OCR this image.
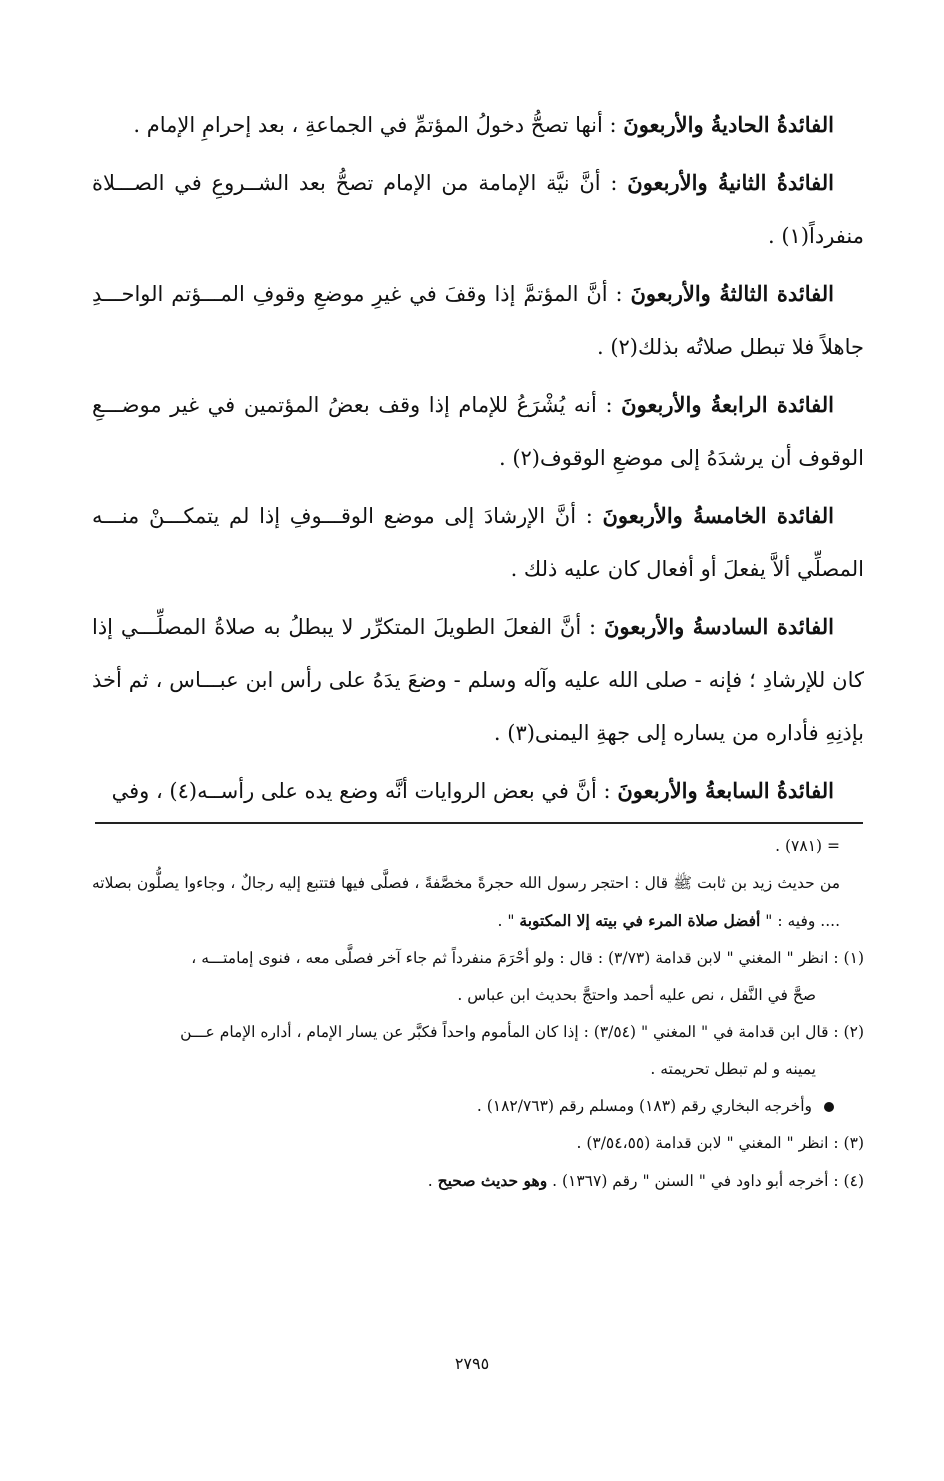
الفائدةُ الحاديةُ والأربعونَ : أنها تصحُّ دخولُ المؤتمِّ في الجماعةِ ، بعد إحرامِ الإمام .

الفائدةُ الثانيةُ والأربعونَ : أنَّ نيَّة الإمامة من الإمام تصحُّ بعد الشــروعِ في الصـــلاة منفرداً(١) .

الفائدة الثالثةُ والأربعونَ : أنَّ المؤتمَّ إذا وقفَ في غيرِ موضعِ وقوفِ المـــؤتم الواحـــدِ جاهلاً فلا تبطل صلاتُه بذلك(٢) .

الفائدة الرابعةُ والأربعونَ : أنه يُشْرَعُ للإمام إذا وقف بعضُ المؤتمين في غير موضـــعِ الوقوف أن يرشدَهُ إلى موضعِ الوقوف(٢) .

الفائدة الخامسةُ والأربعونَ : أنَّ الإرشادَ إلى موضع الوقـــوفِ إذا لم يتمكـــنْ منـــه المصلِّي ألاَّ يفعلَ أو أفعال كان عليه ذلك .

الفائدة السادسةُ والأربعونَ : أنَّ الفعلَ الطويلَ المتكرِّر لا يبطلُ به صلاةُ المصلِّـــي إذا كان للإرشادِ ؛ فإنه - صلى الله عليه وآله وسلم - وضعَ يدَهُ على رأس ابن عبـــاس ، ثم أخذ بإذنِهِ فأداره من يساره إلى جهةِ اليمنى(٣) .

الفائدةُ السابعةُ والأربعونَ : أنَّ في بعض الروايات أنَّه وضع يده على رأســه(٤) ، وفي

= (٧٨١) .

من حديث زيد بن ثابت ﷺ قال : احتجر رسول الله حجرةً مخصَّفةً ، فصلَّى فيها فتتبع إليه رجالٌ ، وجاءوا يصلُّون بصلاته .... وفيه : " أفضل صلاة المرء في بيته إلا المكتوبة " .

(١) : انظر " المغني " لابن قدامة (٣/٧٣) : قال : ولو أحْرَمَ منفرداً ثم جاء آخر فصلَّى معه ، فنوى إمامتـــه ،

صحَّ في النَّفل ، نص عليه أحمد واحتجَّ بحديث ابن عباس .

(٢) : قال ابن قدامة في " المغني " (٣/٥٤) : إذا كان المأموم واحداً فكبَّر عن يسار الإمام ، أداره الإمام عـــن

يمينه و لم تبطل تحريمته .

وأخرجه البخاري رقم (١٨٣) ومسلم رقم (١٨٢/٧٦٣) .

(٣) : انظر " المغني " لابن قدامة (٣/٥٤،٥٥) .

(٤) : أخرجه أبو داود في " السنن " رقم (١٣٦٧) . وهو حديث صحيح .

٢٧٩٥
